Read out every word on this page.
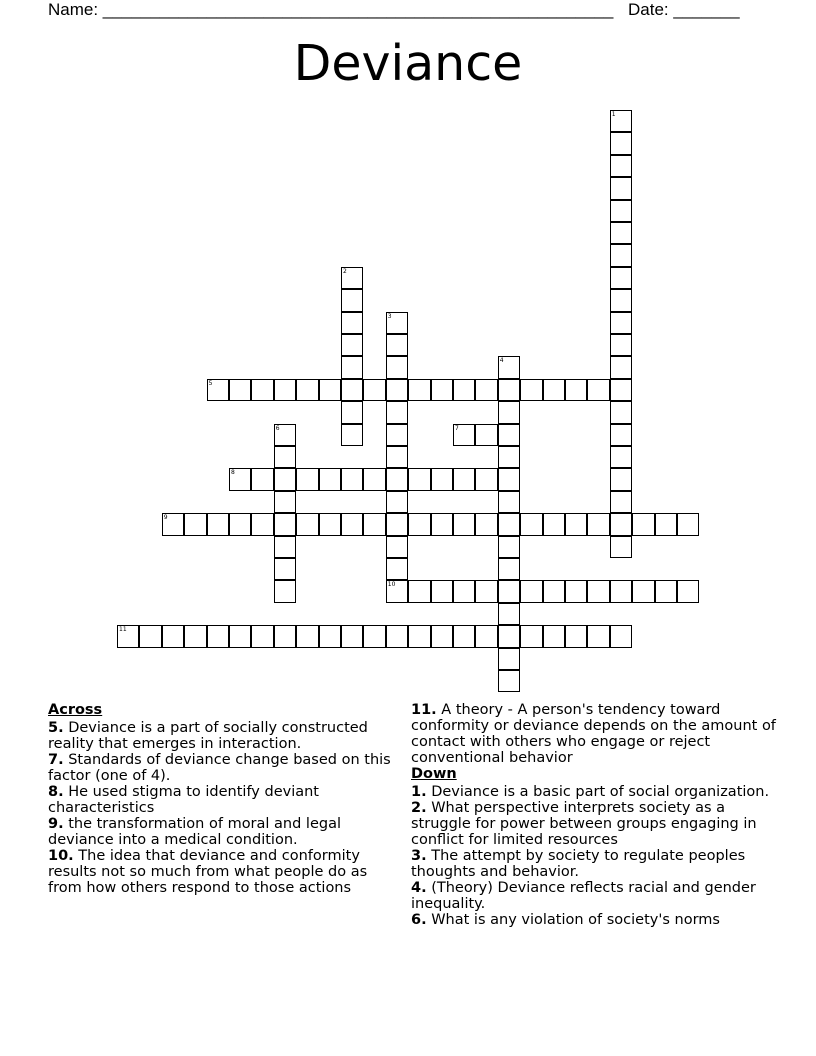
Name: ______________________________________________________ Date: _______
Deviance
1
2
3
10
4
5
6	7
8
9
11
Across
5. Deviance is a part of socially constructed reality that emerges in interaction.
7. Standards of deviance change based on this factor (one of 4).
8. He used stigma to identify deviant characteristics
9. the transformation of moral and legal deviance into a medical condition.
10. The idea that deviance and conformity results not so much from what people do as from how others respond to those actions
11. A theory - A person's tendency toward conformity or deviance depends on the amount of contact with others who engage or reject conventional behavior
Down
1. Deviance is a basic part of social organization.
2. What perspective interprets society as a struggle for power between groups engaging in conflict for limited resources
3. The attempt by society to regulate peoples thoughts and behavior.
4. (Theory) Deviance reflects racial and gender inequality.
6. What is any violation of society's norms
